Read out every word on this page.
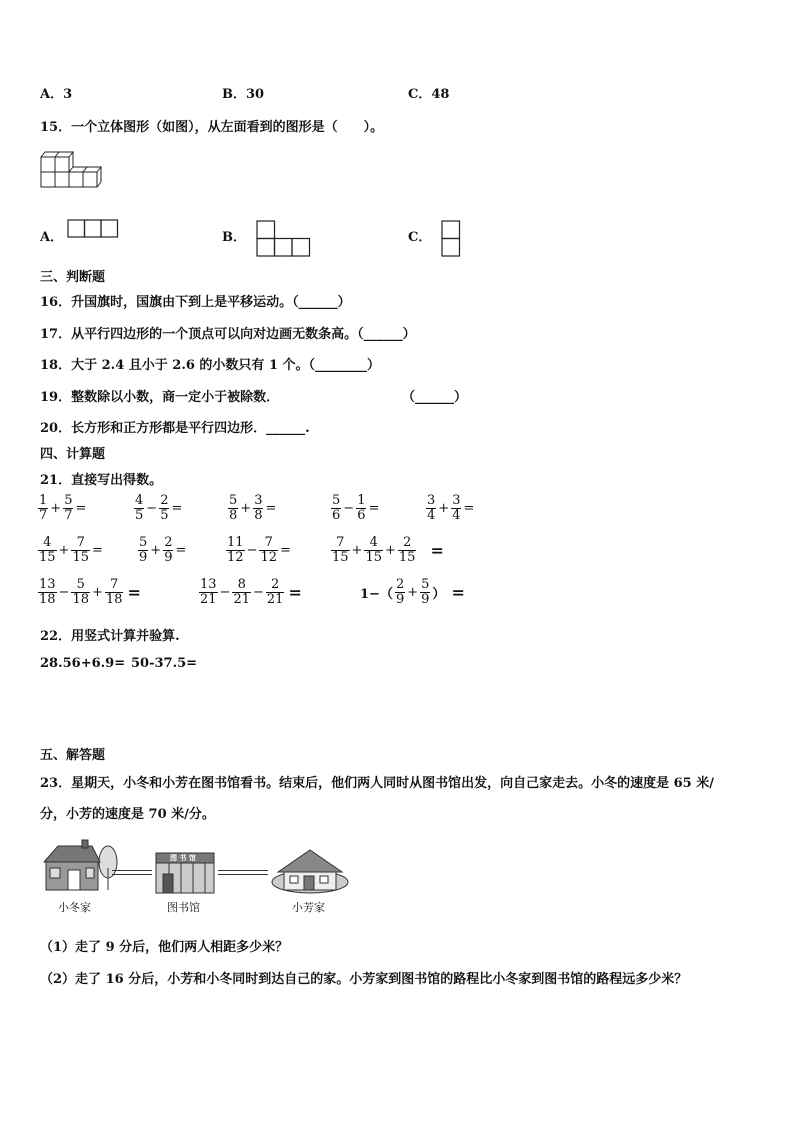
A．3	B．30	C．48
15．一个立体图形（如图），从左面看到的图形是（　　）。
A．	B．	C．
三、判断题
16．升国旗时，国旗由下到上是平移运动。（______）
17．从平行四边形的一个顶点可以向对边画无数条高。（______）
18．大于 2.4 且小于 2.6 的小数只有 1 个。（________）
19．整数除以小数，商一定小于被除数．	（______）
20．长方形和正方形都是平行四边形．______.
四、计算题
21．直接写出得数。
$\frac{1}{7} + \frac{5}{7}$ =	$\frac{4}{5} - \frac{2}{5}$ =	$\frac{5}{8} + \frac{3}{8}$ =	$\frac{5}{6} - \frac{1}{6}$ =	$\frac{3}{4} + \frac{3}{4}$ =
$\frac{4}{15} + \frac{7}{15}$ =	$\frac{5}{9} + \frac{2}{9}$ =	$\frac{11}{12} - \frac{7}{12}$ =	$\frac{7}{15} + \frac{4}{15} + \frac{2}{15}$ =
$\frac{13}{18} - \frac{5}{18} + \frac{7}{18}$ =	$\frac{13}{21} - \frac{8}{21} - \frac{2}{21}$ =	$1-( \frac{2}{9} + \frac{5}{9}$ ） =
22．用竖式计算并验算.
28.56+6.9= 50-37.5=
五、解答题
23．星期天，小冬和小芳在图书馆看书。结束后，他们两人同时从图书馆出发，向自己家走去。小冬的速度是 65 米/
分，小芳的速度是 70 米/分。
图 书 馆
小冬家	图书馆	小芳家
（1）走了 9 分后，他们两人相距多少米？
（2）走了 16 分后，小芳和小冬同时到达自己的家。小芳家到图书馆的路程比小冬家到图书馆的路程远多少米？
